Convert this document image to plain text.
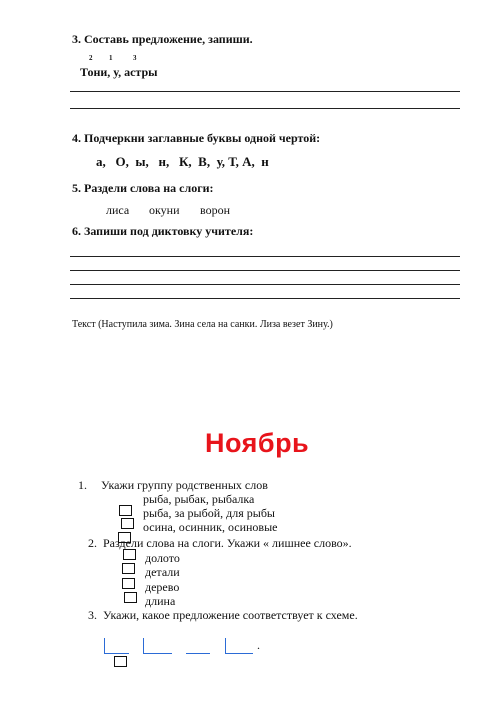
3. Составь предложение, запиши.
2 1	3
Тони, у, астры
4. Подчеркни заглавные буквы одной чертой:
а,   О,  ы,   н,   К,  В,  у, Т, А,  н
5. Раздели слова на слоги:
лиса окуни ворон
6. Запиши под диктовку учителя:
Текст (Наступила зима. Зина села на санки. Лиза везет Зину.)
Ноябрь
1. Укажи группу родственных слов
рыба, рыбак, рыбалка
рыба, за рыбой, для рыбы
осина, осинник, осиновые
2. Раздели слова на слоги. Укажи « лишнее слово».
долото
детали
дерево
длина
3. Укажи, какое предложение соответствует к схеме.
.
